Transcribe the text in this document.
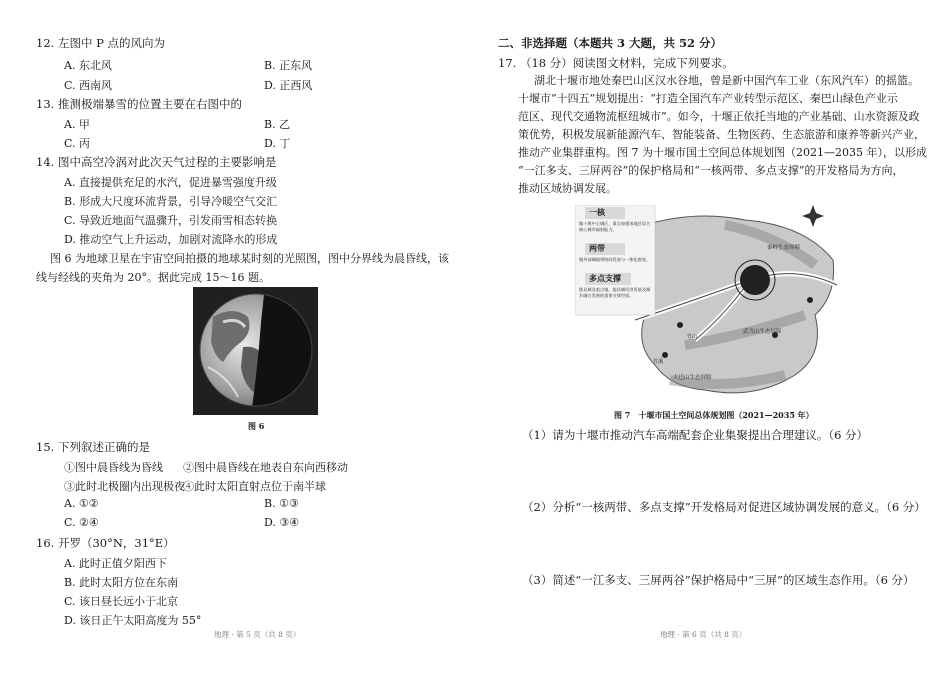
12. 左图中 P 点的风向为
A. 东北风	B. 正东风
C. 西南风	D. 正西风
13. 推测极端暴雪的位置主要在右图中的
A. 甲	B. 乙
C. 丙	D. 丁
14. 图中高空冷涡对此次天气过程的主要影响是
A. 直接提供充足的水汽，促进暴雪强度升级
B. 形成大尺度环流背景，引导冷暖空气交汇
C. 导致近地面气温骤升，引发雨雪相态转换
D. 推动空气上升运动，加剧对流降水的形成
图 6 为地球卫星在宇宙空间拍摄的地球某时刻的光照图，图中分界线为晨昏线，该
线与经线的夹角为 20°。据此完成 15～16 题。
图 6
15. 下列叙述正确的是
①图中晨昏线为昏线 ②图中晨昏线在地表自东向西移动
③此时北极圈内出现极夜
④此时太阳直射点位于南半球
A. ①②	B. ①③
C. ②④	D. ③④
16. 开罗（30°N，31°E）
A. 此时正值夕阳西下
B. 此时太阳方位在东南
C. 该日昼长远小于北京
D. 该日正午太阳高度为 55°
地理 · 第 5 页（共 8 页）
二、非选择题（本题共 3 大题，共 52 分）
17. （18 分）阅读图文材料，完成下列要求。
湖北十堰市地处秦巴山区汉水谷地，曾是新中国汽车工业（东风汽车）的摇篮。
十堰市“十四五”规划提出：“打造全国汽车产业转型示范区、秦巴山绿色产业示
范区、现代交通物流枢纽城市”。如今，十堰正依托当地的产业基础、山水资源及政
策优势，积极发展新能源汽车、智能装备、生物医药、生态旅游和康养等新兴产业，
推动产业集群重构。图 7 为十堰市国土空间总体规划图（2021—2035 年），以形成
“一江多支、三屏两谷”的保护格局和“一核两带、多点支撑”的开发格局为方向，
推动区域协调发展。
一核
做十堰中心城区，重点加强该地区综合核心城市辐射能力。
两带
做外部城镇带协同发展与一体化推进。
多点支撑
推县城及重点镇，提县城经济发展及城乡融合发展的重要支撑空间。
秦岭生态屏障
武当山生态屏障
大巴山生态屏障
竹山
竹溪
图 7　十堰市国土空间总体规划图（2021—2035 年）
（1）请为十堰市推动汽车高端配套企业集聚提出合理建议。（6 分）
（2）分析“一核两带、多点支撑”开发格局对促进区域协调发展的意义。（6 分）
（3）简述“一江多支、三屏两谷”保护格局中“三屏”的区域生态作用。（6 分）
地理 · 第 6 页（共 8 页）
